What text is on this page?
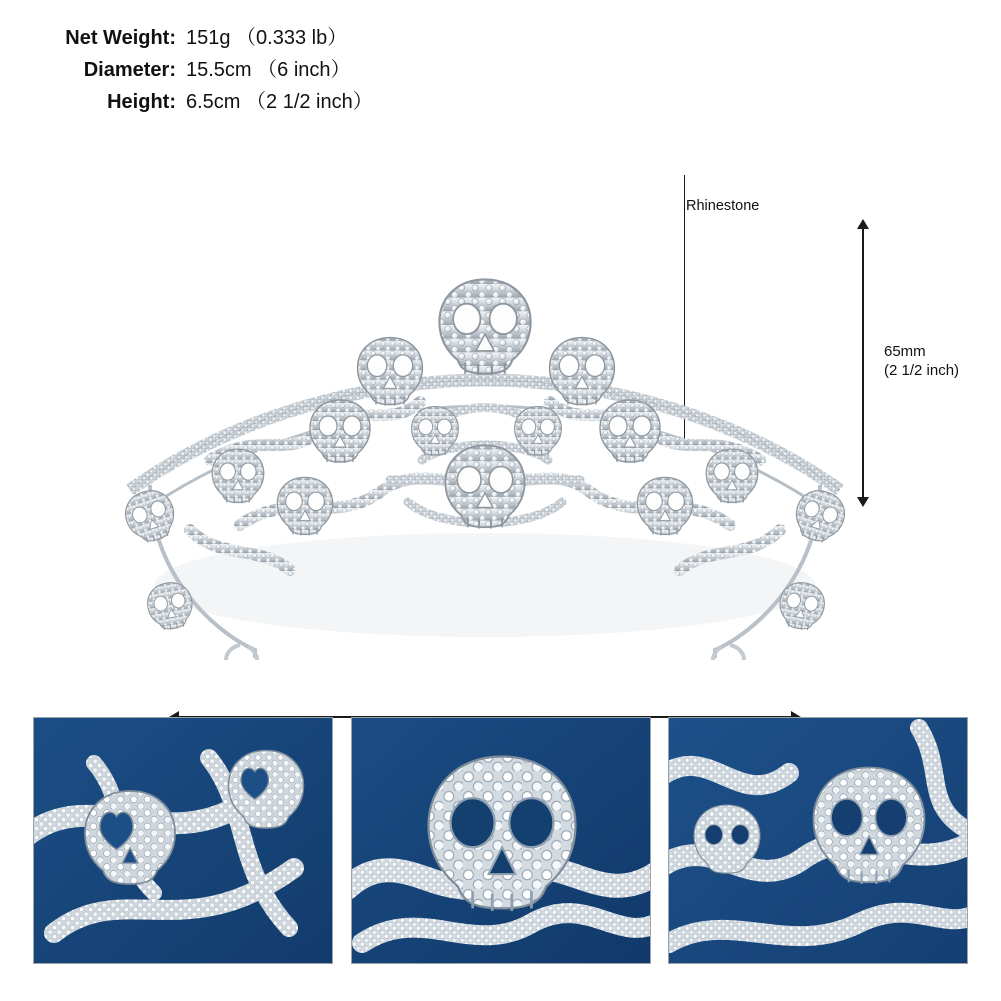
Net Weight: 151g （0.333 lb）
Diameter: 15.5cm （6 inch）
Height: 6.5cm （2 1/2 inch）
Rhinestone
65mm
(2 1/2 inch)
